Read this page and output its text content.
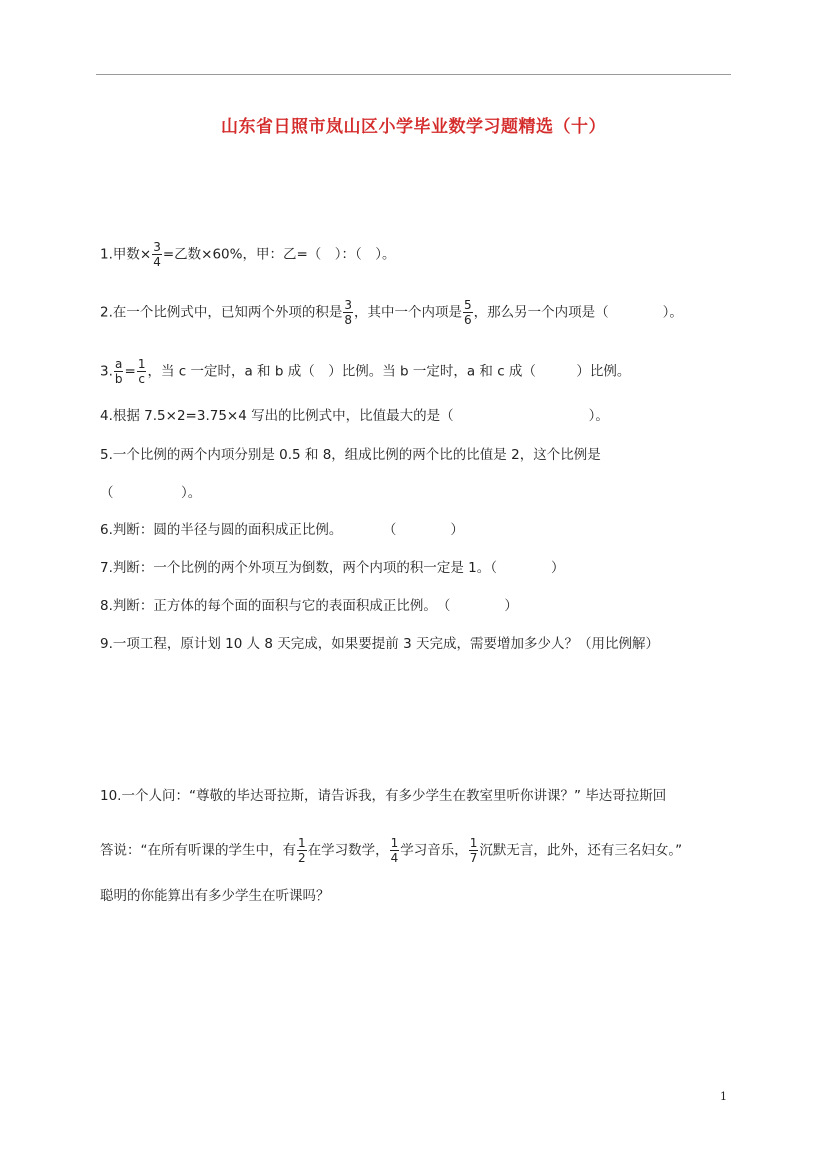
山东省日照市岚山区小学毕业数学习题精选（十）
1.甲数× $\frac{3}{4}$ =乙数×60%，甲：乙=（　）：（　）。
2.在一个比例式中，已知两个外项的积是 $\frac{3}{8}$ ，其中一个内项是 $\frac{5}{6}$ ，那么另一个内项是（　　　　）。
3. $\frac{a}{b} = \frac{1}{c}$ ，当 c 一定时，a 和 b 成（　）比例。当 b 一定时，a 和 c 成（　　　）比例。
4.根据 7.5×2=3.75×4 写出的比例式中，比值最大的是（　　　　　　　　　　）。
5.一个比例的两个内项分别是 0.5 和 8，组成比例的两个比的比值是 2，这个比例是
（　　　　　）。
6.判断：圆的半径与圆的面积成正比例。　　　　（　　　　）
7.判断：一个比例的两个外项互为倒数，两个内项的积一定是 1。（　　　　）
8.判断：正方体的每个面的面积与它的表面积成正比例。　（　　　　）
9.一项工程，原计划 10 人 8 天完成，如果要提前 3 天完成，需要增加多少人？（用比例解）
10.一个人问：“尊敬的毕达哥拉斯，请告诉我，有多少学生在教室里听你讲课？” 毕达哥拉斯回
答说：“在所有听课的学生中，有 $\frac{1}{2}$ 在学习数学， $\frac{1}{4}$ 学习音乐， $\frac{1}{7}$ 沉默无言，此外，还有三名妇女。”
聪明的你能算出有多少学生在听课吗？
1
